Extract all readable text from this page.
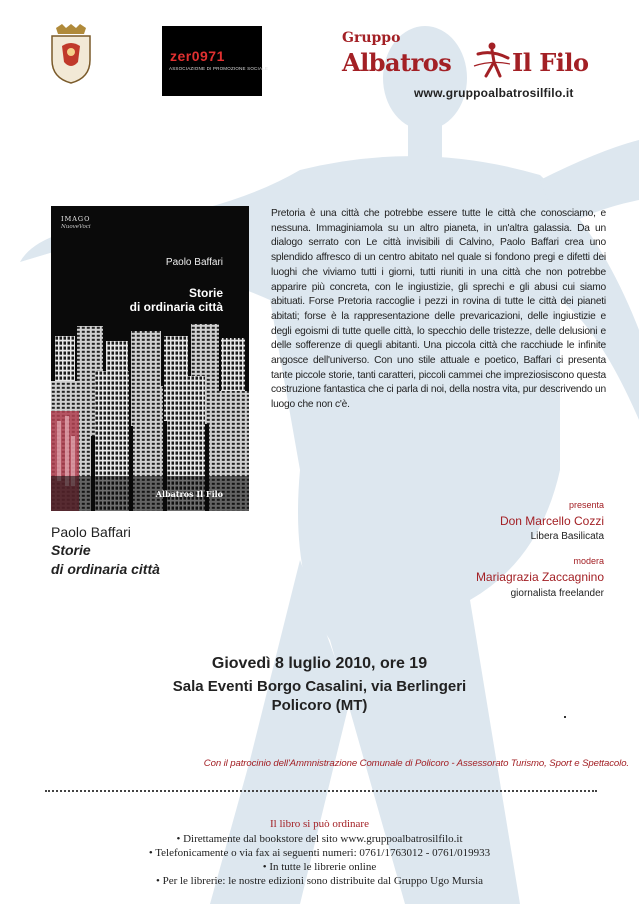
zer0971
ASSOCIAZIONE DI PROMOZIONE SOCIALE
Gruppo
Albatros	Il Filo
www.gruppoalbatrosilfilo.it
IMAGO
NuoveVoci
Paolo Baffari
Storie
di ordinaria città
Albatros Il Filo
Pretoria è una città che potrebbe essere tutte le città che conosciamo, e nessuna. Immaginiamola su un altro pianeta, in un'altra galassia. Da un dialogo serrato con Le città invisibili di Calvino, Paolo Baffari crea uno splendido affresco di un centro abitato nel quale si fondono pregi e difetti dei luoghi che viviamo tutti i giorni, tutti riuniti in una città che non potrebbe apparire più concreta, con le ingiustizie, gli sprechi e gli abusi cui siamo abituati. Forse Pretoria raccoglie i pezzi in rovina di tutte le città dei pianeti abitati; forse è la rappresentazione delle prevaricazioni, delle ingiustizie e degli egoismi di tutte quelle città, lo specchio delle tristezze, delle delusioni e delle sofferenze di quegli abitanti. Una piccola città che racchiude le infinite angosce dell'universo. Con uno stile attuale e poetico, Baffari ci presenta tante piccole storie, tanti caratteri, piccoli cammei che impreziosiscono questa costruzione fantastica che ci parla di noi, della nostra vita, pur descrivendo un luogo che non c'è.
Paolo Baffari
Storie
di ordinaria città
presenta
Don Marcello Cozzi
Libera Basilicata
modera
Mariagrazia Zaccagnino
giornalista freelander
Giovedì 8 luglio 2010, ore 19
Sala Eventi Borgo Casalini, via Berlingeri
Policoro (MT)
Con il patrocinio dell'Ammnistrazione Comunale di Policoro - Assessorato Turismo, Sport e Spettacolo.
Il libro si può ordinare
• Direttamente dal bookstore del sito www.gruppoalbatrosilfilo.it
• Telefonicamente o via fax ai seguenti numeri: 0761/1763012 - 0761/019933
• In tutte le librerie online
• Per le librerie: le nostre edizioni sono distribuite dal Gruppo Ugo Mursia
